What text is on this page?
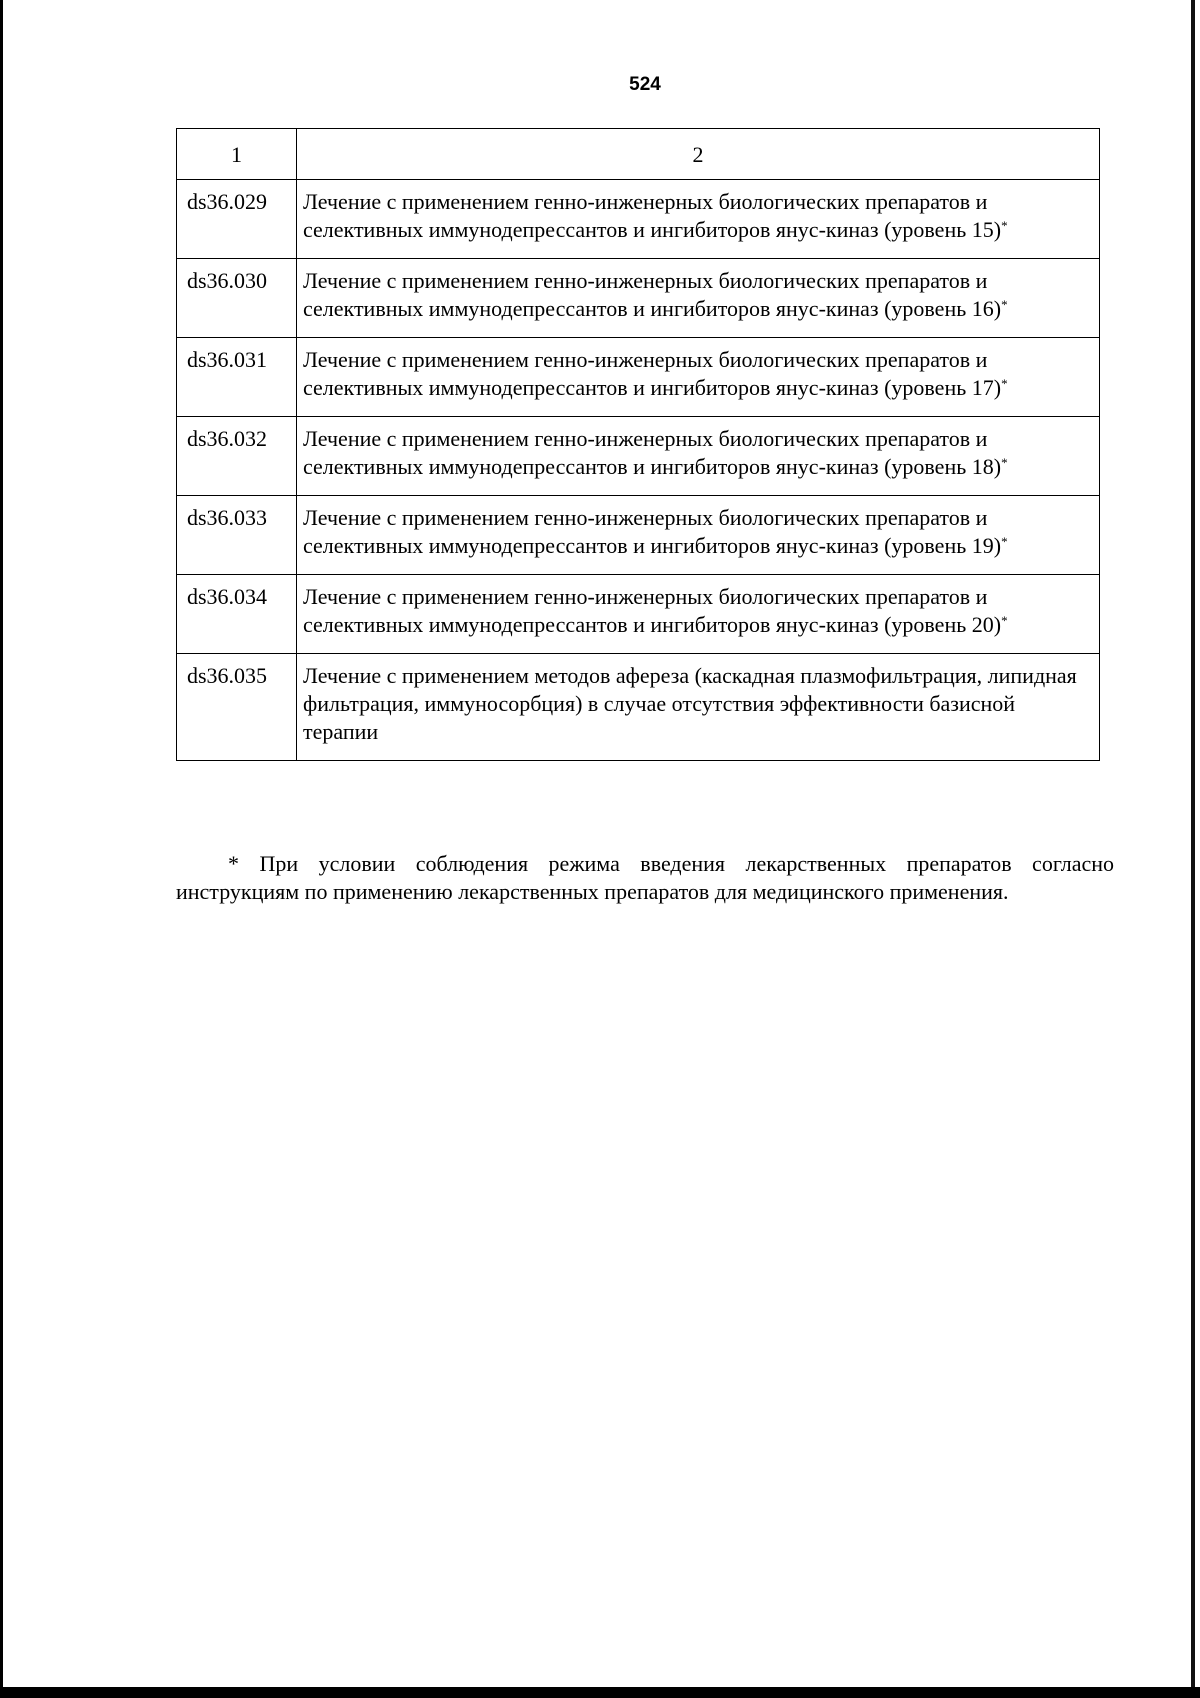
524
1	2
ds36.029	Лечение с применением генно-инженерных биологических препаратов и селективных иммунодепрессантов и ингибиторов янус-киназ (уровень 15)*
ds36.030	Лечение с применением генно-инженерных биологических препаратов и селективных иммунодепрессантов и ингибиторов янус-киназ (уровень 16)*
ds36.031	Лечение с применением генно-инженерных биологических препаратов и селективных иммунодепрессантов и ингибиторов янус-киназ (уровень 17)*
ds36.032	Лечение с применением генно-инженерных биологических препаратов и селективных иммунодепрессантов и ингибиторов янус-киназ (уровень 18)*
ds36.033	Лечение с применением генно-инженерных биологических препаратов и селективных иммунодепрессантов и ингибиторов янус-киназ (уровень 19)*
ds36.034	Лечение с применением генно-инженерных биологических препаратов и селективных иммунодепрессантов и ингибиторов янус-киназ (уровень 20)*
ds36.035	Лечение с применением методов афереза (каскадная плазмофильтрация, липидная фильтрация, иммуносорбция) в случае отсутствия эффективности базисной терапии
* При условии соблюдения режима введения лекарственных препаратов согласно инструкциям по применению лекарственных препаратов для медицинского применения.
